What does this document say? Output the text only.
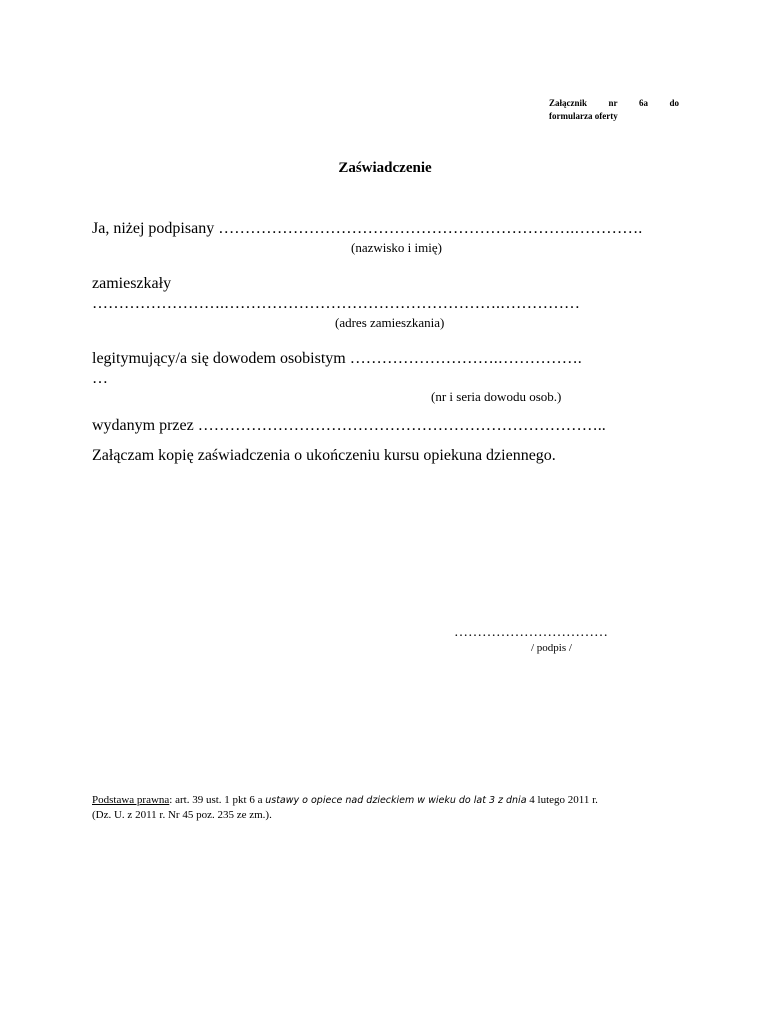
Załącznik nr 6a do
formularza oferty
Zaświadczenie
Ja, niżej podpisany ………………………………………………………….………….
(nazwisko i imię)
zamieszkały
…………………….…………………………………………….……………
(adres zamieszkania)
legitymujący/a się dowodem osobistym ……………………….…………….
…
(nr i seria dowodu osob.)
wydanym przez …………………………………………………………………..
Załączam kopię zaświadczenia o ukończeniu kursu opiekuna dziennego.
……………………………
/ podpis /
Podstawa prawna: art. 39 ust. 1 pkt 6 a ustawy o opiece nad dzieckiem w wieku do lat 3 z dnia 4 lutego 2011 r.
(Dz. U. z 2011 r. Nr 45 poz. 235 ze zm.).
